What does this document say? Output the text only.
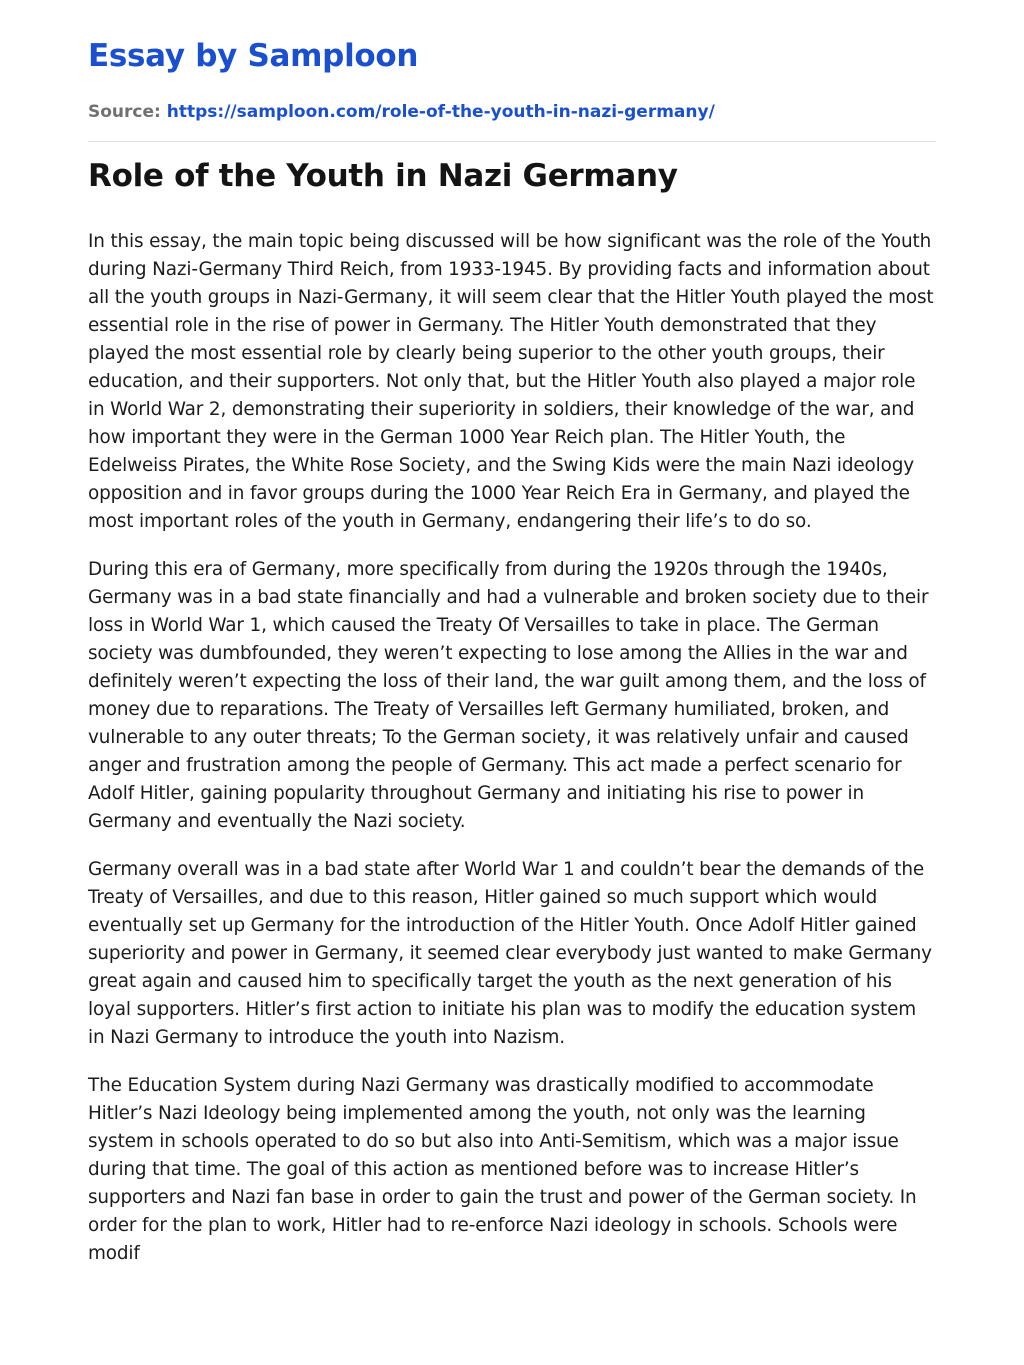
Essay by Samploon
Source: https://samploon.com/role-of-the-youth-in-nazi-germany/
Role of the Youth in Nazi Germany

In this essay, the main topic being discussed will be how significant was the role of the Youth during Nazi-Germany Third Reich, from 1933-1945. By providing facts and information about all the youth groups in Nazi-Germany, it will seem clear that the Hitler Youth played the most essential role in the rise of power in Germany. The Hitler Youth demonstrated that they played the most essential role by clearly being superior to the other youth groups, their education, and their supporters. Not only that, but the Hitler Youth also played a major role in World War 2, demonstrating their superiority in soldiers, their knowledge of the war, and how important they were in the German 1000 Year Reich plan. The Hitler Youth, the Edelweiss Pirates, the White Rose Society, and the Swing Kids were the main Nazi ideology opposition and in favor groups during the 1000 Year Reich Era in Germany, and played the most important roles of the youth in Germany, endangering their life’s to do so.

During this era of Germany, more specifically from during the 1920s through the 1940s, Germany was in a bad state financially and had a vulnerable and broken society due to their loss in World War 1, which caused the Treaty Of Versailles to take in place. The German society was dumbfounded, they weren’t expecting to lose among the Allies in the war and definitely weren’t expecting the loss of their land, the war guilt among them, and the loss of money due to reparations. The Treaty of Versailles left Germany humiliated, broken, and vulnerable to any outer threats; To the German society, it was relatively unfair and caused anger and frustration among the people of Germany. This act made a perfect scenario for Adolf Hitler, gaining popularity throughout Germany and initiating his rise to power in Germany and eventually the Nazi society.

Germany overall was in a bad state after World War 1 and couldn’t bear the demands of the Treaty of Versailles, and due to this reason, Hitler gained so much support which would eventually set up Germany for the introduction of the Hitler Youth. Once Adolf Hitler gained superiority and power in Germany, it seemed clear everybody just wanted to make Germany great again and caused him to specifically target the youth as the next generation of his loyal supporters. Hitler’s first action to initiate his plan was to modify the education system in Nazi Germany to introduce the youth into Nazism.

The Education System during Nazi Germany was drastically modified to accommodate Hitler’s Nazi Ideology being implemented among the youth, not only was the learning system in schools operated to do so but also into Anti-Semitism, which was a major issue during that time. The goal of this action as mentioned before was to increase Hitler’s supporters and Nazi fan base in order to gain the trust and power of the German society. In order for the plan to work, Hitler had to re-enforce Nazi ideology in schools. Schools were modif
